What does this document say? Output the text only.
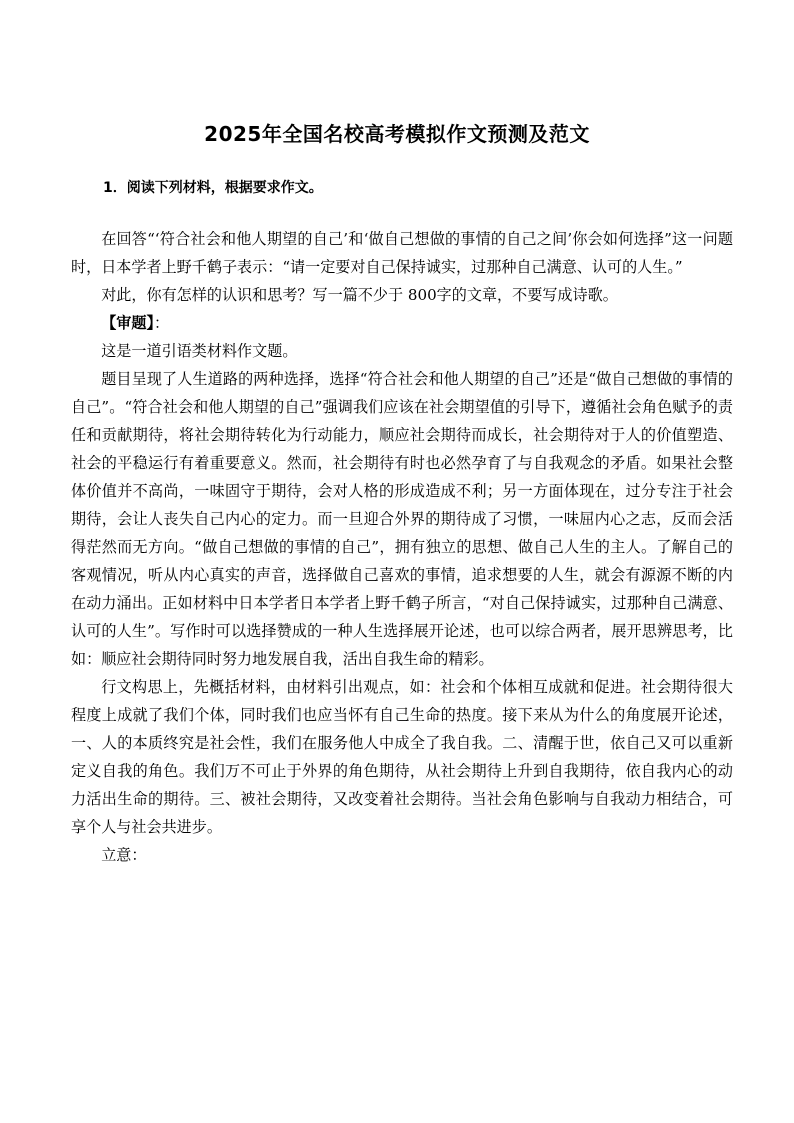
2025年全国名校高考模拟作文预测及范文
1．阅读下列材料，根据要求作文。

在回答“‘符合社会和他人期望的自己’和‘做自己想做的事情的自己之间’你会如何选择”这一问题时，日本学者上野千鹤子表示：“请一定要对自己保持诚实，过那种自己满意、认可的人生。”

对此，你有怎样的认识和思考？写一篇不少于 800字的文章，不要写成诗歌。

【审题】：

这是一道引语类材料作文题。

题目呈现了人生道路的两种选择，选择“符合社会和他人期望的自己”还是“做自己想做的事情的自己”。“符合社会和他人期望的自己”强调我们应该在社会期望值的引导下，遵循社会角色赋予的责任和贡献期待，将社会期待转化为行动能力，顺应社会期待而成长，社会期待对于人的价值塑造、社会的平稳运行有着重要意义。然而，社会期待有时也必然孕育了与自我观念的矛盾。如果社会整体价值并不高尚，一味固守于期待，会对人格的形成造成不利；另一方面体现在，过分专注于社会期待，会让人丧失自己内心的定力。而一旦迎合外界的期待成了习惯，一味屈内心之志，反而会活得茫然而无方向。“做自己想做的事情的自己”，拥有独立的思想、做自己人生的主人。了解自己的客观情况，听从内心真实的声音，选择做自己喜欢的事情，追求想要的人生，就会有源源不断的内在动力涌出。正如材料中日本学者日本学者上野千鹤子所言，“对自己保持诚实，过那种自己满意、认可的人生”。写作时可以选择赞成的一种人生选择展开论述，也可以综合两者，展开思辨思考，比如：顺应社会期待同时努力地发展自我，活出自我生命的精彩。

行文构思上，先概括材料，由材料引出观点，如：社会和个体相互成就和促进。社会期待很大程度上成就了我们个体，同时我们也应当怀有自己生命的热度。接下来从为什么的角度展开论述，一、人的本质终究是社会性，我们在服务他人中成全了我自我。二、清醒于世，依自己又可以重新定义自我的角色。我们万不可止于外界的角色期待，从社会期待上升到自我期待，依自我内心的动力活出生命的期待。三、被社会期待，又改变着社会期待。当社会角色影响与自我动力相结合，可享个人与社会共进步。

立意：
